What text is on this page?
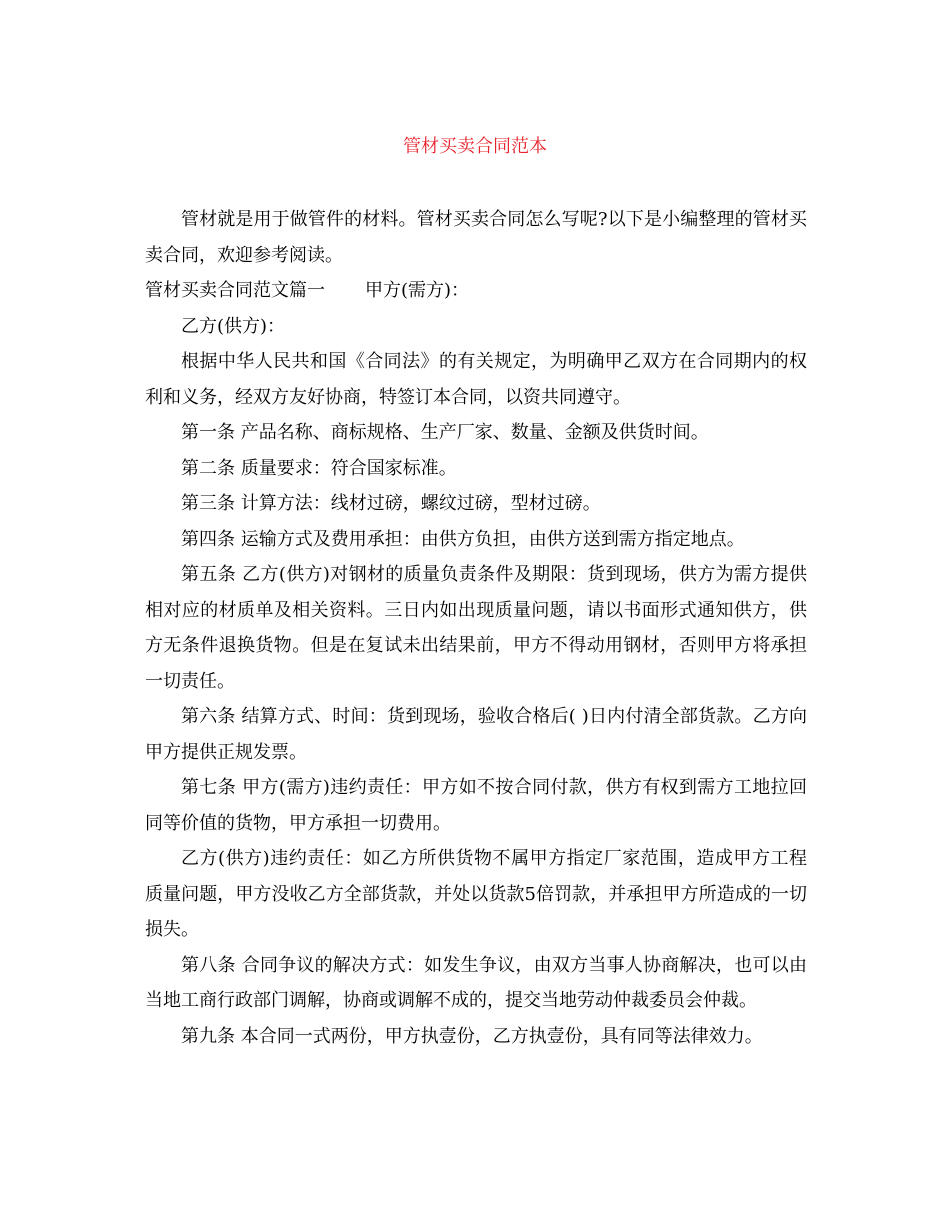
管材买卖合同范本

管材就是用于做管件的材料。管材买卖合同怎么写呢?以下是小编整理的管材买卖合同，欢迎参考阅读。

管材买卖合同范文篇一 甲方(需方)：

乙方(供方)：

根据中华人民共和国《合同法》的有关规定，为明确甲乙双方在合同期内的权利和义务，经双方友好协商，特签订本合同，以资共同遵守。

第一条 产品名称、商标规格、生产厂家、数量、金额及供货时间。

第二条 质量要求：符合国家标准。

第三条 计算方法：线材过磅，螺纹过磅，型材过磅。

第四条 运输方式及费用承担：由供方负担，由供方送到需方指定地点。

第五条 乙方(供方)对钢材的质量负责条件及期限：货到现场，供方为需方提供相对应的材质单及相关资料。三日内如出现质量问题，请以书面形式通知供方，供方无条件退换货物。但是在复试未出结果前，甲方不得动用钢材，否则甲方将承担一切责任。

第六条 结算方式、时间：货到现场，验收合格后( )日内付清全部货款。乙方向甲方提供正规发票。

第七条 甲方(需方)违约责任：甲方如不按合同付款，供方有权到需方工地拉回同等价值的货物，甲方承担一切费用。

乙方(供方)违约责任：如乙方所供货物不属甲方指定厂家范围，造成甲方工程质量问题，甲方没收乙方全部货款，并处以货款5倍罚款，并承担甲方所造成的一切损失。

第八条 合同争议的解决方式：如发生争议，由双方当事人协商解决，也可以由当地工商行政部门调解，协商或调解不成的，提交当地劳动仲裁委员会仲裁。

第九条 本合同一式两份，甲方执壹份，乙方执壹份，具有同等法律效力。
